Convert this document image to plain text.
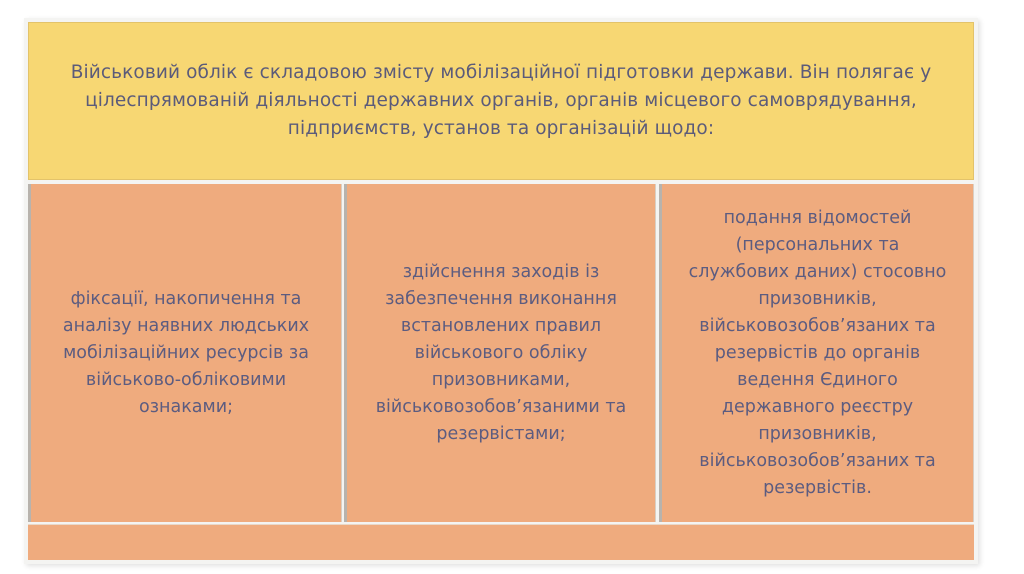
Військовий облік є складовою змісту мобілізаційної підготовки держави. Він полягає у цілеспрямованій діяльності державних органів, органів місцевого самоврядування, підприємств, установ та організацій щодо:
фіксації, накопичення та аналізу наявних людських мобілізаційних ресурсів за військово-обліковими ознаками;
здійснення заходів із забезпечення виконання встановлених правил військового обліку призовниками, військовозобов’язаними та резервістами;
подання відомостей (персональних та службових даних) стосовно призовників, військовозобов’язаних та резервістів до органів ведення Єдиного державного реєстру призовників, військовозобов’язаних та резервістів.
